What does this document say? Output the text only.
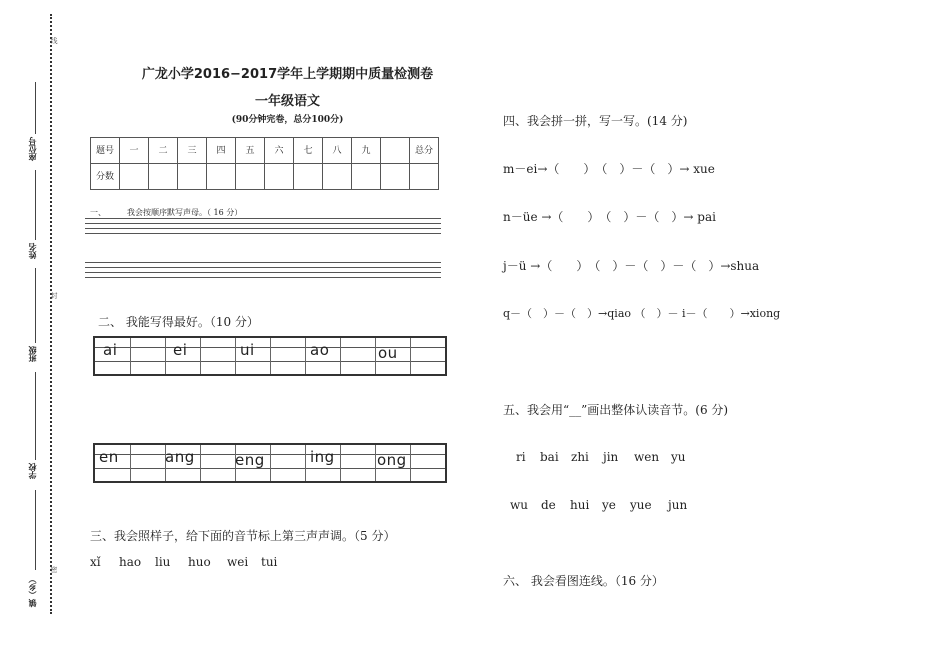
线
封
密
座位号
姓名
班级
学校
镇（乡）
广龙小学2016−2017学年上学期期中质量检测卷
一年级语文
(90分钟完卷，总分100分)
题号	一	二	三	四	五	六	七	八	九		总分
分数											
一、	我会按顺序默写声母。（ 16 分）
二、 我能写得最好。（10 分）
ai	ei	ui	ao	ou
en	ang	eng	ing	ong
三、我会照样子，给下面的音节标上第三声声调。（5 分）
xǐ hao liu huo wei tui
四、我会拼一拼，写一写。(14 分)
m－ei→（　　）　（　）－（　）→ xue
n－üe →（　　）　（　）－（　）→ pai
j－ü →（　　）　（　）－（　）－（　）→shua
q－（　）－（　）→qiao （　）－ i－（　　）→xiong
五、我会用“__”画出整体认读音节。(6 分)
ri bai zhi jin wen yu
wu de hui ye yue jun
六、 我会看图连线。（16 分）
